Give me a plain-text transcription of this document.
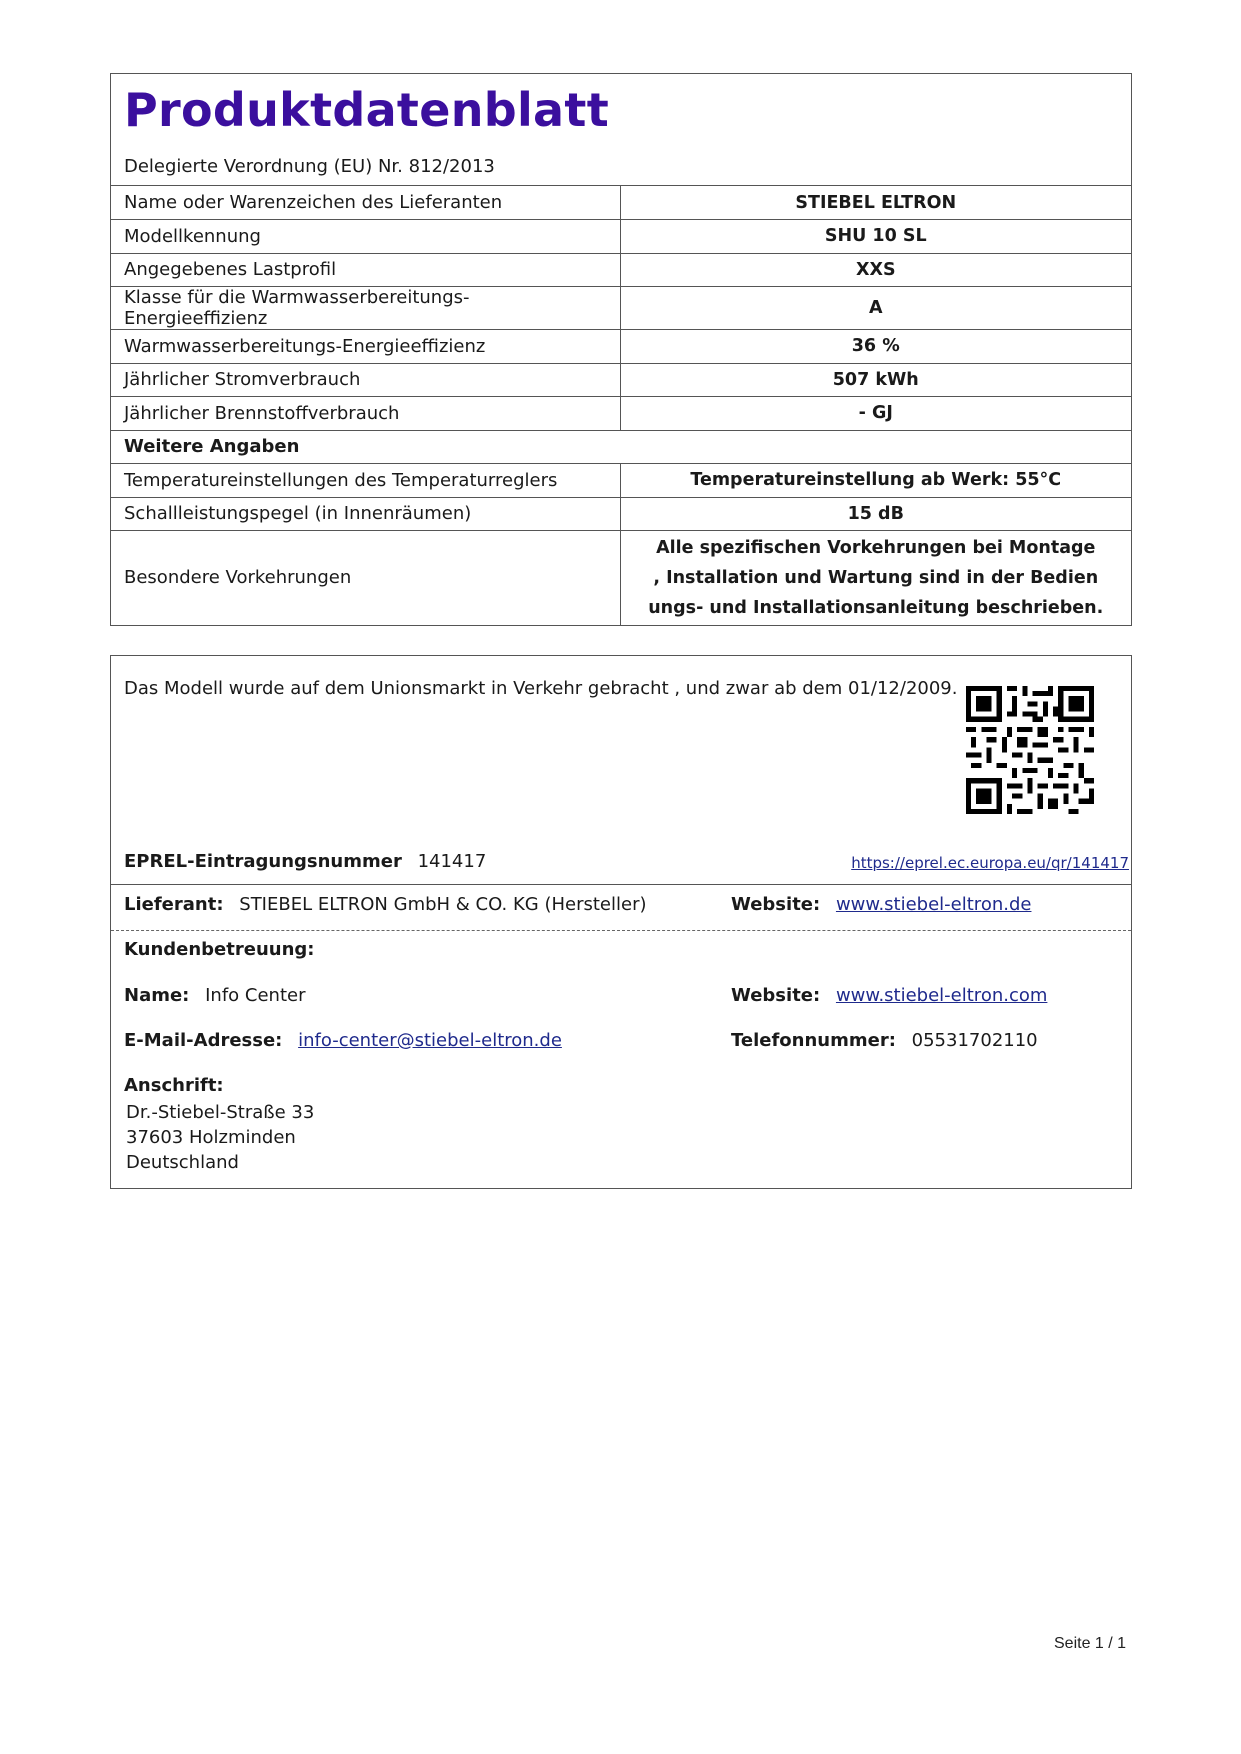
Produktdatenblatt
Delegierte Verordnung (EU) Nr. 812/2013
Name oder Warenzeichen des Lieferanten	STIEBEL ELTRON
Modellkennung	SHU 10 SL
Angegebenes Lastprofil	XXS
Klasse für die Warmwasserbereitungs-Energieeffizienz	A
Warmwasserbereitungs-Energieeffizienz	36 %
Jährlicher Stromverbrauch	507 kWh
Jährlicher Brennstoffverbrauch	- GJ
Weitere Angaben	
Temperatureinstellungen des Temperaturreglers	Temperatureinstellung ab Werk: 55°C
Schallleistungspegel (in Innenräumen)	15 dB
Besondere Vorkehrungen	Alle spezifischen Vorkehrungen bei Montage
, Installation und Wartung sind in der Bedien
ungs- und Installationsanleitung beschrieben.
Das Modell wurde auf dem Unionsmarkt in Verkehr gebracht , und zwar ab dem 01/12/2009.
EPREL-Eintragungsnummer 141417	https://eprel.ec.europa.eu/qr/141417
Lieferant: STIEBEL ELTRON GmbH & CO. KG (Hersteller)	Website: www.stiebel-eltron.de
Kundenbetreuung:
Name: Info Center	Website: www.stiebel-eltron.com
E-Mail-Adresse: info-center@stiebel-eltron.de	Telefonnummer: 05531702110
Anschrift:
Dr.-Stiebel-Straße 33
37603 Holzminden
Deutschland
Seite 1 / 1
